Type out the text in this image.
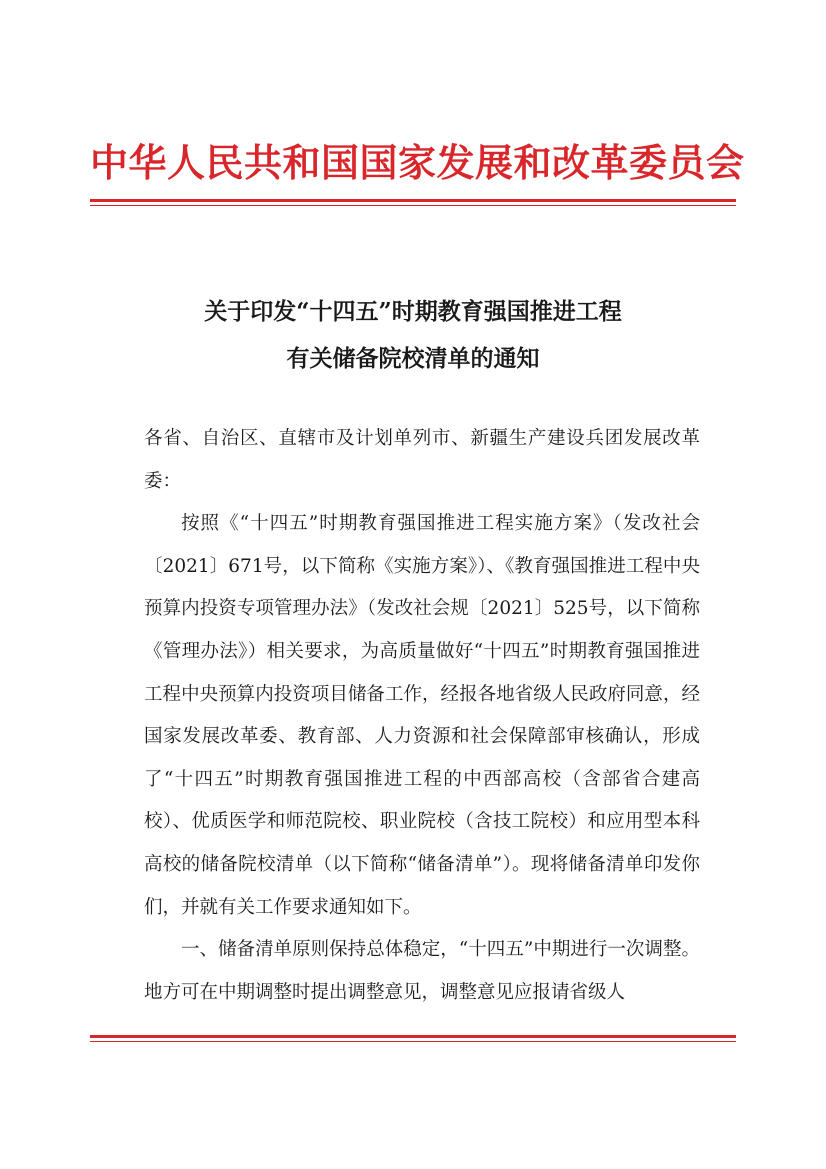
中华人民共和国国家发展和改革委员会
关于印发“十四五”时期教育强国推进工程
有关储备院校清单的通知

各省、自治区、直辖市及计划单列市、新疆生产建设兵团发展改革委：

按照《“十四五”时期教育强国推进工程实施方案》（发改社会〔2021〕671号，以下简称《实施方案》）、《教育强国推进工程中央预算内投资专项管理办法》（发改社会规〔2021〕525号，以下简称《管理办法》）相关要求，为高质量做好“十四五”时期教育强国推进工程中央预算内投资项目储备工作，经报各地省级人民政府同意，经国家发展改革委、教育部、人力资源和社会保障部审核确认，形成了“十四五”时期教育强国推进工程的中西部高校（含部省合建高校）、优质医学和师范院校、职业院校（含技工院校）和应用型本科高校的储备院校清单（以下简称“储备清单”）。现将储备清单印发你们，并就有关工作要求通知如下。

一、储备清单原则保持总体稳定，“十四五”中期进行一次调整。地方可在中期调整时提出调整意见，调整意见应报请省级人
